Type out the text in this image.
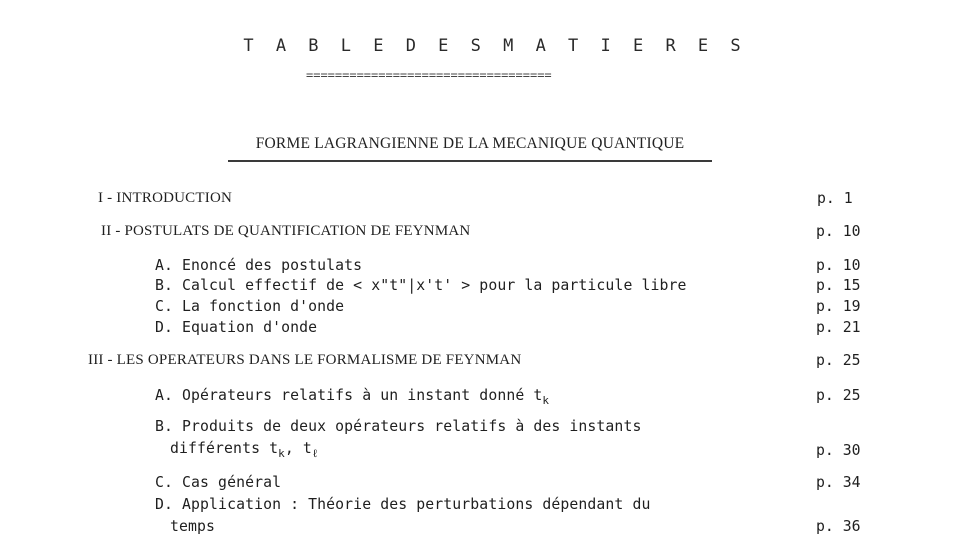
T A B L E D E S M A T I E R E S
==================================
FORME LAGRANGIENNE DE LA MECANIQUE QUANTIQUE
I - INTRODUCTION	p. 1
II - POSTULATS DE QUANTIFICATION DE FEYNMAN	p. 10
A. Enoncé des postulats	p. 10
B. Calcul effectif de < x"t"|x't' > pour la particule libre	p. 15
C. La fonction d'onde	p. 19
D. Equation d'onde	p. 21
III - LES OPERATEURS DANS LE FORMALISME DE FEYNMAN	p. 25
A. Opérateurs relatifs à un instant donné $t_k$	p. 25
B. Produits de deux opérateurs relatifs à des instants
différents $t_k$, $t_\ell$	p. 30
C. Cas général	p. 34
D. Application : Théorie des perturbations dépendant du
temps	p. 36
